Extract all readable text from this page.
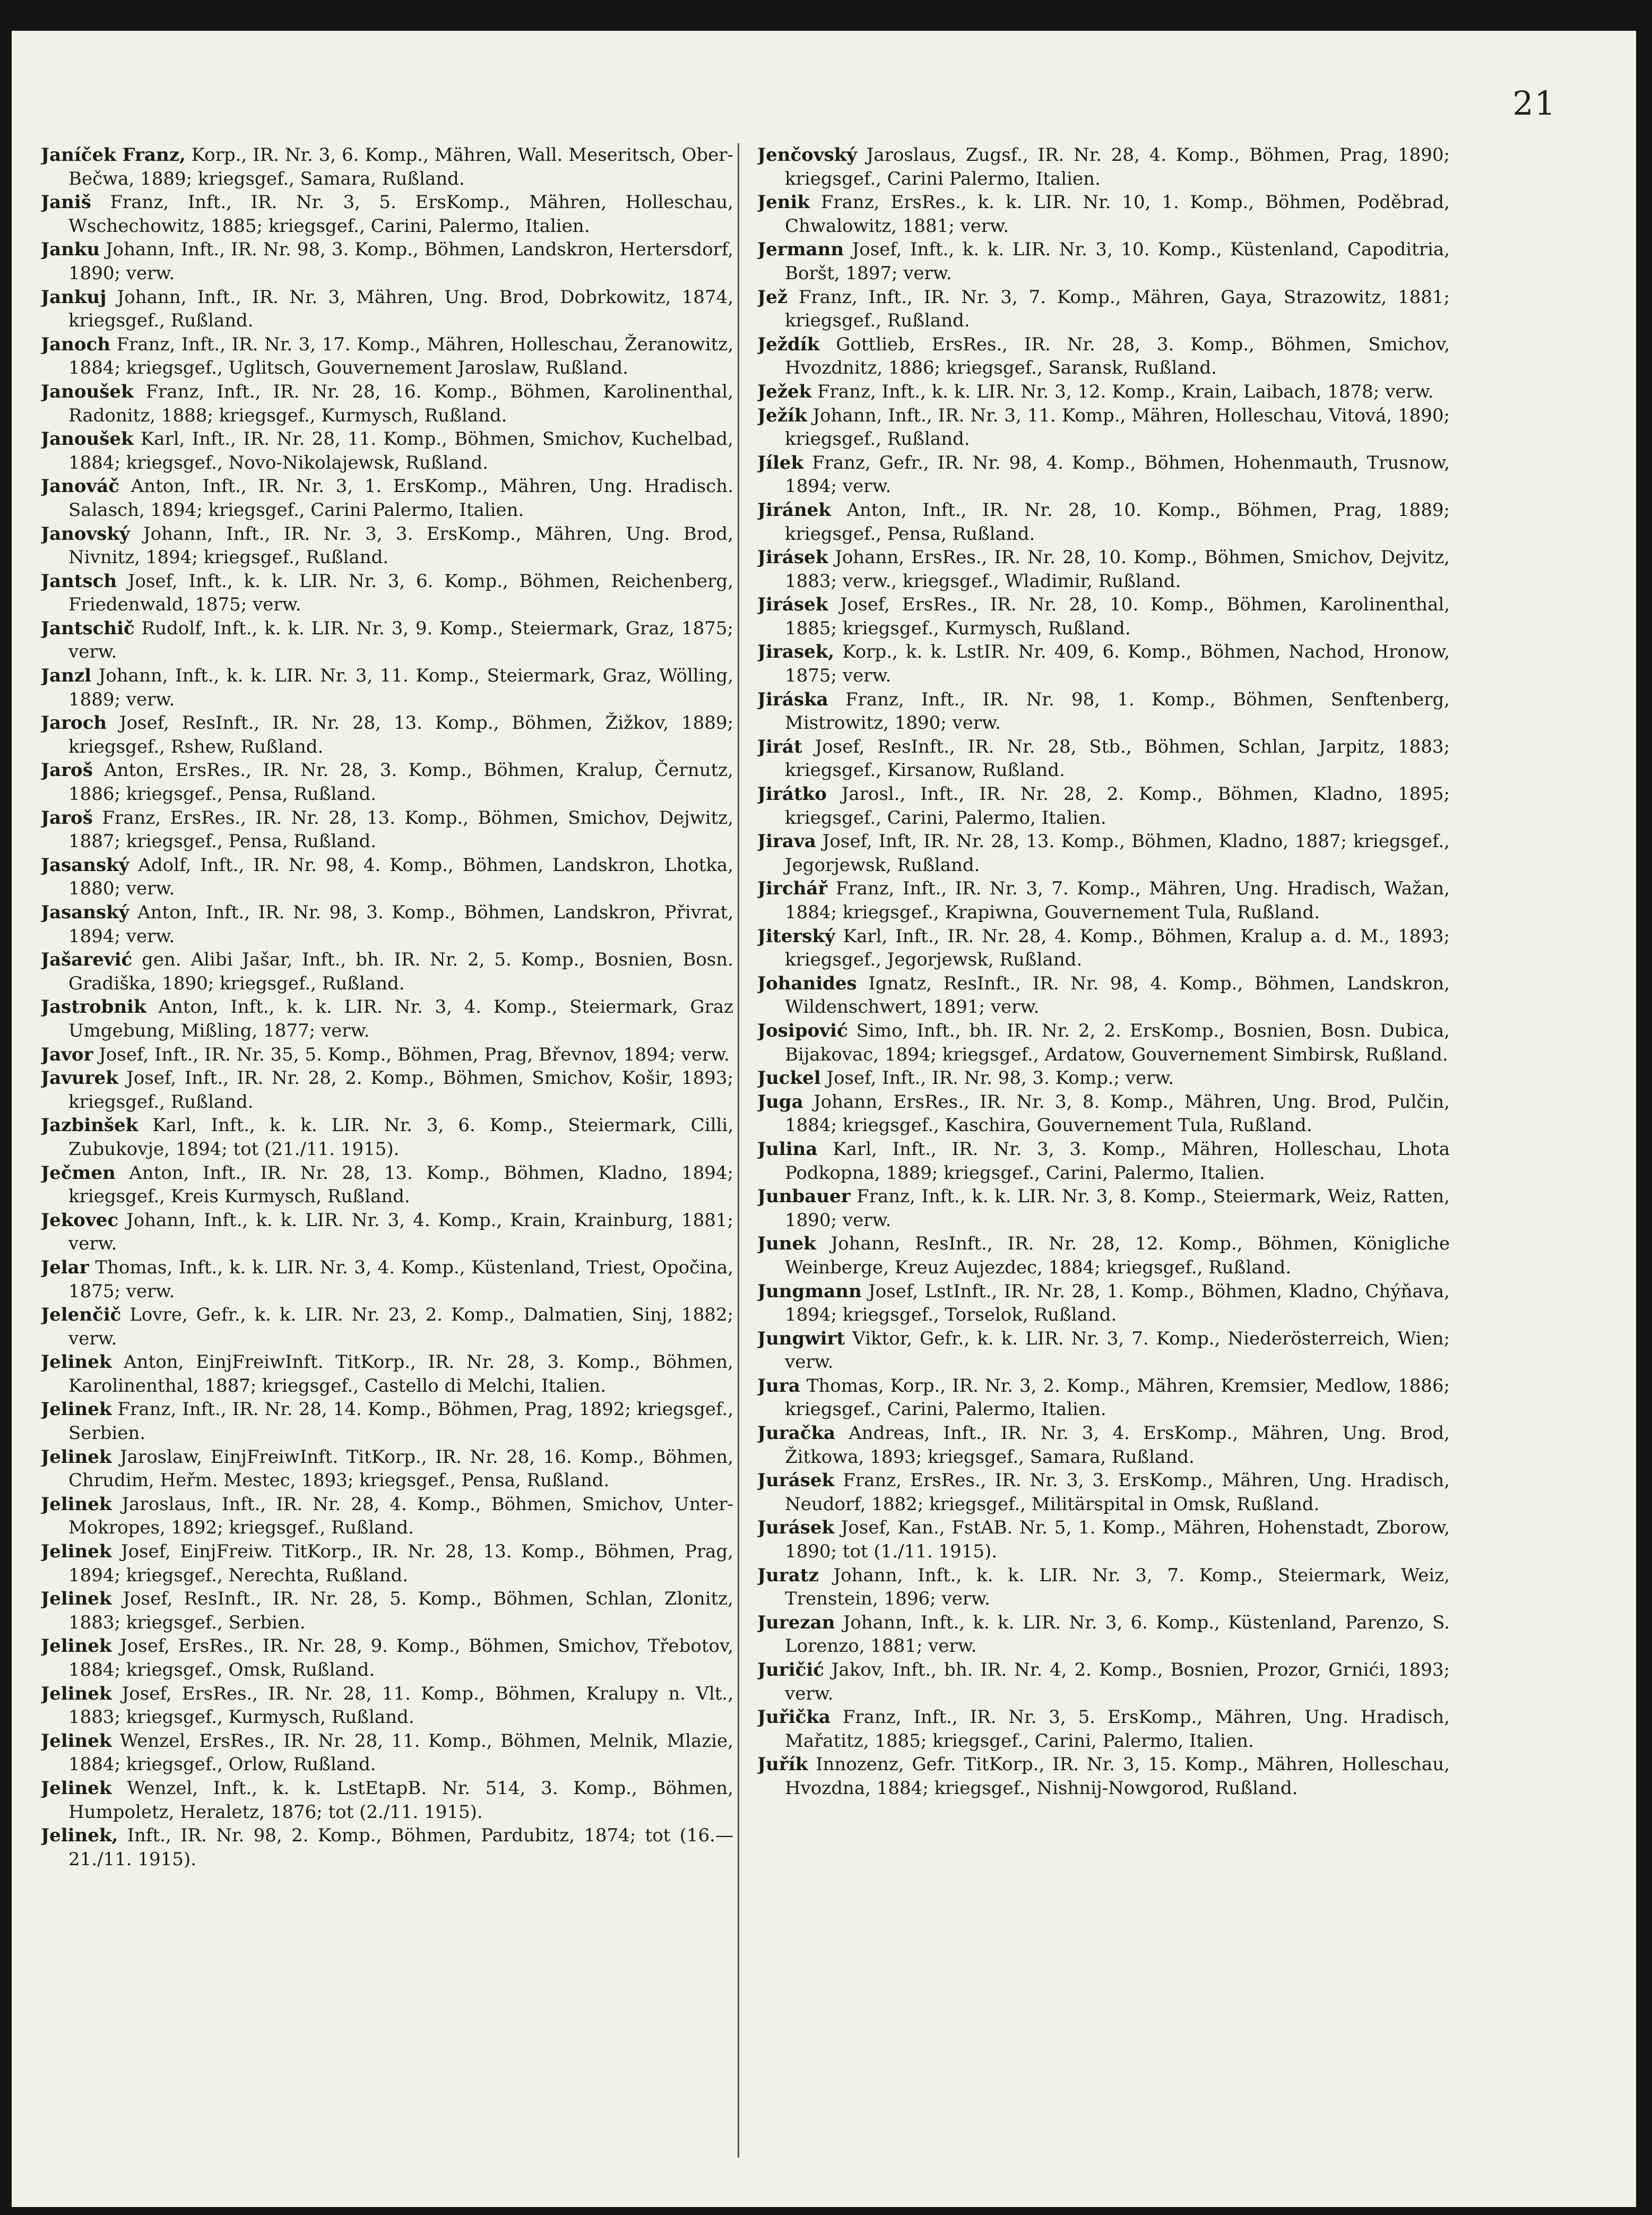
21

Janíček Franz, Korp., IR. Nr. 3, 6. Komp., Mähren, Wall. Meseritsch, Ober-Bečwa, 1889; kriegsgef., Samara, Rußland.

Janiš Franz, Inft., IR. Nr. 3, 5. ErsKomp., Mähren, Holleschau, Wschechowitz, 1885; kriegsgef., Carini, Palermo, Italien.

Janku Johann, Inft., IR. Nr. 98, 3. Komp., Böhmen, Landskron, Hertersdorf, 1890; verw.

Jankuj Johann, Inft., IR. Nr. 3, Mähren, Ung. Brod, Dobrkowitz, 1874, kriegsgef., Rußland.

Janoch Franz, Inft., IR. Nr. 3, 17. Komp., Mähren, Holleschau, Žeranowitz, 1884; kriegsgef., Uglitsch, Gouvernement Jaroslaw, Rußland.

Janoušek Franz, Inft., IR. Nr. 28, 16. Komp., Böhmen, Karolinenthal, Radonitz, 1888; kriegsgef., Kurmysch, Rußland.

Janoušek Karl, Inft., IR. Nr. 28, 11. Komp., Böhmen, Smichov, Kuchelbad, 1884; kriegsgef., Novo-Nikolajewsk, Rußland.

Janováč Anton, Inft., IR. Nr. 3, 1. ErsKomp., Mähren, Ung. Hradisch. Salasch, 1894; kriegsgef., Carini Palermo, Italien.

Janovský Johann, Inft., IR. Nr. 3, 3. ErsKomp., Mähren, Ung. Brod, Nivnitz, 1894; kriegsgef., Rußland.

Jantsch Josef, Inft., k. k. LIR. Nr. 3, 6. Komp., Böhmen, Reichenberg, Friedenwald, 1875; verw.

Jantschič Rudolf, Inft., k. k. LIR. Nr. 3, 9. Komp., Steiermark, Graz, 1875; verw.

Janzl Johann, Inft., k. k. LIR. Nr. 3, 11. Komp., Steiermark, Graz, Wölling, 1889; verw.

Jaroch Josef, ResInft., IR. Nr. 28, 13. Komp., Böhmen, Žižkov, 1889; kriegsgef., Rshew, Rußland.

Jaroš Anton, ErsRes., IR. Nr. 28, 3. Komp., Böhmen, Kralup, Černutz, 1886; kriegsgef., Pensa, Rußland.

Jaroš Franz, ErsRes., IR. Nr. 28, 13. Komp., Böhmen, Smichov, Dejwitz, 1887; kriegsgef., Pensa, Rußland.

Jasanský Adolf, Inft., IR. Nr. 98, 4. Komp., Böhmen, Landskron, Lhotka, 1880; verw.

Jasanský Anton, Inft., IR. Nr. 98, 3. Komp., Böhmen, Landskron, Přivrat, 1894; verw.

Jašarević gen. Alibi Jašar, Inft., bh. IR. Nr. 2, 5. Komp., Bosnien, Bosn. Gradiška, 1890; kriegsgef., Rußland.

Jastrobnik Anton, Inft., k. k. LIR. Nr. 3, 4. Komp., Steiermark, Graz Umgebung, Mißling, 1877; verw.

Javor Josef, Inft., IR. Nr. 35, 5. Komp., Böhmen, Prag, Břevnov, 1894; verw.

Javurek Josef, Inft., IR. Nr. 28, 2. Komp., Böhmen, Smichov, Košir, 1893; kriegsgef., Rußland.

Jazbinšek Karl, Inft., k. k. LIR. Nr. 3, 6. Komp., Steiermark, Cilli, Zubukovje, 1894; tot (21./11. 1915).

Ječmen Anton, Inft., IR. Nr. 28, 13. Komp., Böhmen, Kladno, 1894; kriegsgef., Kreis Kurmysch, Rußland.

Jekovec Johann, Inft., k. k. LIR. Nr. 3, 4. Komp., Krain, Krainburg, 1881; verw.

Jelar Thomas, Inft., k. k. LIR. Nr. 3, 4. Komp., Küstenland, Triest, Opočina, 1875; verw.

Jelenčič Lovre, Gefr., k. k. LIR. Nr. 23, 2. Komp., Dalmatien, Sinj, 1882; verw.

Jelinek Anton, EinjFreiwInft. TitKorp., IR. Nr. 28, 3. Komp., Böhmen, Karolinenthal, 1887; kriegsgef., Castello di Melchi, Italien.

Jelinek Franz, Inft., IR. Nr. 28, 14. Komp., Böhmen, Prag, 1892; kriegsgef., Serbien.

Jelinek Jaroslaw, EinjFreiwInft. TitKorp., IR. Nr. 28, 16. Komp., Böhmen, Chrudim, Heřm. Mestec, 1893; kriegsgef., Pensa, Rußland.

Jelinek Jaroslaus, Inft., IR. Nr. 28, 4. Komp., Böhmen, Smichov, Unter-Mokropes, 1892; kriegsgef., Rußland.

Jelinek Josef, EinjFreiw. TitKorp., IR. Nr. 28, 13. Komp., Böhmen, Prag, 1894; kriegsgef., Nerechta, Rußland.

Jelinek Josef, ResInft., IR. Nr. 28, 5. Komp., Böhmen, Schlan, Zlonitz, 1883; kriegsgef., Serbien.

Jelinek Josef, ErsRes., IR. Nr. 28, 9. Komp., Böhmen, Smichov, Třebotov, 1884; kriegsgef., Omsk, Rußland.

Jelinek Josef, ErsRes., IR. Nr. 28, 11. Komp., Böhmen, Kralupy n. Vlt., 1883; kriegsgef., Kurmysch, Rußland.

Jelinek Wenzel, ErsRes., IR. Nr. 28, 11. Komp., Böhmen, Melnik, Mlazie, 1884; kriegsgef., Orlow, Rußland.

Jelinek Wenzel, Inft., k. k. LstEtapB. Nr. 514, 3. Komp., Böhmen, Humpoletz, Heraletz, 1876; tot (2./11. 1915).

Jelinek, Inft., IR. Nr. 98, 2. Komp., Böhmen, Pardubitz, 1874; tot (16.—21./11. 1915).

Jenčovský Jaroslaus, Zugsf., IR. Nr. 28, 4. Komp., Böhmen, Prag, 1890; kriegsgef., Carini Palermo, Italien.

Jenik Franz, ErsRes., k. k. LIR. Nr. 10, 1. Komp., Böhmen, Poděbrad, Chwalowitz, 1881; verw.

Jermann Josef, Inft., k. k. LIR. Nr. 3, 10. Komp., Küstenland, Capoditria, Boršt, 1897; verw.

Jež Franz, Inft., IR. Nr. 3, 7. Komp., Mähren, Gaya, Strazowitz, 1881; kriegsgef., Rußland.

Ježdík Gottlieb, ErsRes., IR. Nr. 28, 3. Komp., Böhmen, Smichov, Hvozdnitz, 1886; kriegsgef., Saransk, Rußland.

Ježek Franz, Inft., k. k. LIR. Nr. 3, 12. Komp., Krain, Laibach, 1878; verw.

Ježík Johann, Inft., IR. Nr. 3, 11. Komp., Mähren, Holleschau, Vitová, 1890; kriegsgef., Rußland.

Jílek Franz, Gefr., IR. Nr. 98, 4. Komp., Böhmen, Hohenmauth, Trusnow, 1894; verw.

Jiránek Anton, Inft., IR. Nr. 28, 10. Komp., Böhmen, Prag, 1889; kriegsgef., Pensa, Rußland.

Jirásek Johann, ErsRes., IR. Nr. 28, 10. Komp., Böhmen, Smichov, Dejvitz, 1883; verw., kriegsgef., Wladimir, Rußland.

Jirásek Josef, ErsRes., IR. Nr. 28, 10. Komp., Böhmen, Karolinenthal, 1885; kriegsgef., Kurmysch, Rußland.

Jirasek, Korp., k. k. LstIR. Nr. 409, 6. Komp., Böhmen, Nachod, Hronow, 1875; verw.

Jiráska Franz, Inft., IR. Nr. 98, 1. Komp., Böhmen, Senftenberg, Mistrowitz, 1890; verw.

Jirát Josef, ResInft., IR. Nr. 28, Stb., Böhmen, Schlan, Jarpitz, 1883; kriegsgef., Kirsanow, Rußland.

Jirátko Jarosl., Inft., IR. Nr. 28, 2. Komp., Böhmen, Kladno, 1895; kriegsgef., Carini, Palermo, Italien.

Jirava Josef, Inft, IR. Nr. 28, 13. Komp., Böhmen, Kladno, 1887; kriegsgef., Jegorjewsk, Rußland.

Jirchář Franz, Inft., IR. Nr. 3, 7. Komp., Mähren, Ung. Hradisch, Wažan, 1884; kriegsgef., Krapiwna, Gouvernement Tula, Rußland.

Jiterský Karl, Inft., IR. Nr. 28, 4. Komp., Böhmen, Kralup a. d. M., 1893; kriegsgef., Jegorjewsk, Rußland.

Johanides Ignatz, ResInft., IR. Nr. 98, 4. Komp., Böhmen, Landskron, Wildenschwert, 1891; verw.

Josipović Simo, Inft., bh. IR. Nr. 2, 2. ErsKomp., Bosnien, Bosn. Dubica, Bijakovac, 1894; kriegsgef., Ardatow, Gouvernement Simbirsk, Rußland.

Juckel Josef, Inft., IR. Nr. 98, 3. Komp.; verw.

Juga Johann, ErsRes., IR. Nr. 3, 8. Komp., Mähren, Ung. Brod, Pulčin, 1884; kriegsgef., Kaschira, Gouvernement Tula, Rußland.

Julina Karl, Inft., IR. Nr. 3, 3. Komp., Mähren, Holleschau, Lhota Podkopna, 1889; kriegsgef., Carini, Palermo, Italien.

Junbauer Franz, Inft., k. k. LIR. Nr. 3, 8. Komp., Steiermark, Weiz, Ratten, 1890; verw.

Junek Johann, ResInft., IR. Nr. 28, 12. Komp., Böhmen, Königliche Weinberge, Kreuz Aujezdec, 1884; kriegsgef., Rußland.

Jungmann Josef, LstInft., IR. Nr. 28, 1. Komp., Böhmen, Kladno, Chýňava, 1894; kriegsgef., Torselok, Rußland.

Jungwirt Viktor, Gefr., k. k. LIR. Nr. 3, 7. Komp., Niederösterreich, Wien; verw.

Jura Thomas, Korp., IR. Nr. 3, 2. Komp., Mähren, Kremsier, Medlow, 1886; kriegsgef., Carini, Palermo, Italien.

Juračka Andreas, Inft., IR. Nr. 3, 4. ErsKomp., Mähren, Ung. Brod, Žitkowa, 1893; kriegsgef., Samara, Rußland.

Jurásek Franz, ErsRes., IR. Nr. 3, 3. ErsKomp., Mähren, Ung. Hradisch, Neudorf, 1882; kriegsgef., Militärspital in Omsk, Rußland.

Jurásek Josef, Kan., FstAB. Nr. 5, 1. Komp., Mähren, Hohenstadt, Zborow, 1890; tot (1./11. 1915).

Juratz Johann, Inft., k. k. LIR. Nr. 3, 7. Komp., Steiermark, Weiz, Trenstein, 1896; verw.

Jurezan Johann, Inft., k. k. LIR. Nr. 3, 6. Komp., Küstenland, Parenzo, S. Lorenzo, 1881; verw.

Juričić Jakov, Inft., bh. IR. Nr. 4, 2. Komp., Bosnien, Prozor, Grnići, 1893; verw.

Juřička Franz, Inft., IR. Nr. 3, 5. ErsKomp., Mähren, Ung. Hradisch, Mařatitz, 1885; kriegsgef., Carini, Palermo, Italien.

Juřík Innozenz, Gefr. TitKorp., IR. Nr. 3, 15. Komp., Mähren, Holleschau, Hvozdna, 1884; kriegsgef., Nishnij-Nowgorod, Rußland.
